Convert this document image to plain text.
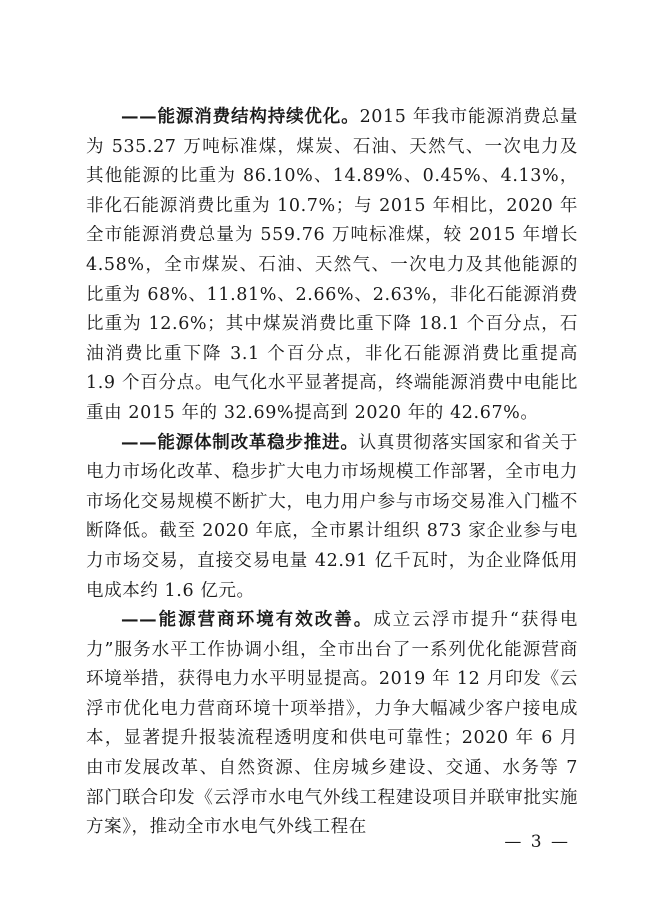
——能源消费结构持续优化。2015 年我市能源消费总量为 535.27 万吨标准煤，煤炭、石油、天然气、一次电力及其他能源的比重为 86.10%、14.89%、0.45%、4.13%，非化石能源消费比重为 10.7%；与 2015 年相比，2020 年全市能源消费总量为 559.76 万吨标准煤，较 2015 年增长 4.58%，全市煤炭、石油、天然气、一次电力及其他能源的比重为 68%、11.81%、2.66%、2.63%，非化石能源消费比重为 12.6%；其中煤炭消费比重下降 18.1 个百分点，石油消费比重下降 3.1 个百分点，非化石能源消费比重提高 1.9 个百分点。电气化水平显著提高，终端能源消费中电能比重由 2015 年的 32.69%提高到 2020 年的 42.67%。

——能源体制改革稳步推进。认真贯彻落实国家和省关于电力市场化改革、稳步扩大电力市场规模工作部署，全市电力市场化交易规模不断扩大，电力用户参与市场交易准入门槛不断降低。截至 2020 年底，全市累计组织 873 家企业参与电力市场交易，直接交易电量 42.91 亿千瓦时，为企业降低用电成本约 1.6 亿元。

——能源营商环境有效改善。成立云浮市提升“获得电力”服务水平工作协调小组，全市出台了一系列优化能源营商环境举措，获得电力水平明显提高。2019 年 12 月印发《云浮市优化电力营商环境十项举措》，力争大幅减少客户接电成本，显著提升报装流程透明度和供电可靠性；2020 年 6 月由市发展改革、自然资源、住房城乡建设、交通、水务等 7 部门联合印发《云浮市水电气外线工程建设项目并联审批实施方案》，推动全市水电气外线工程在

— 3 —
